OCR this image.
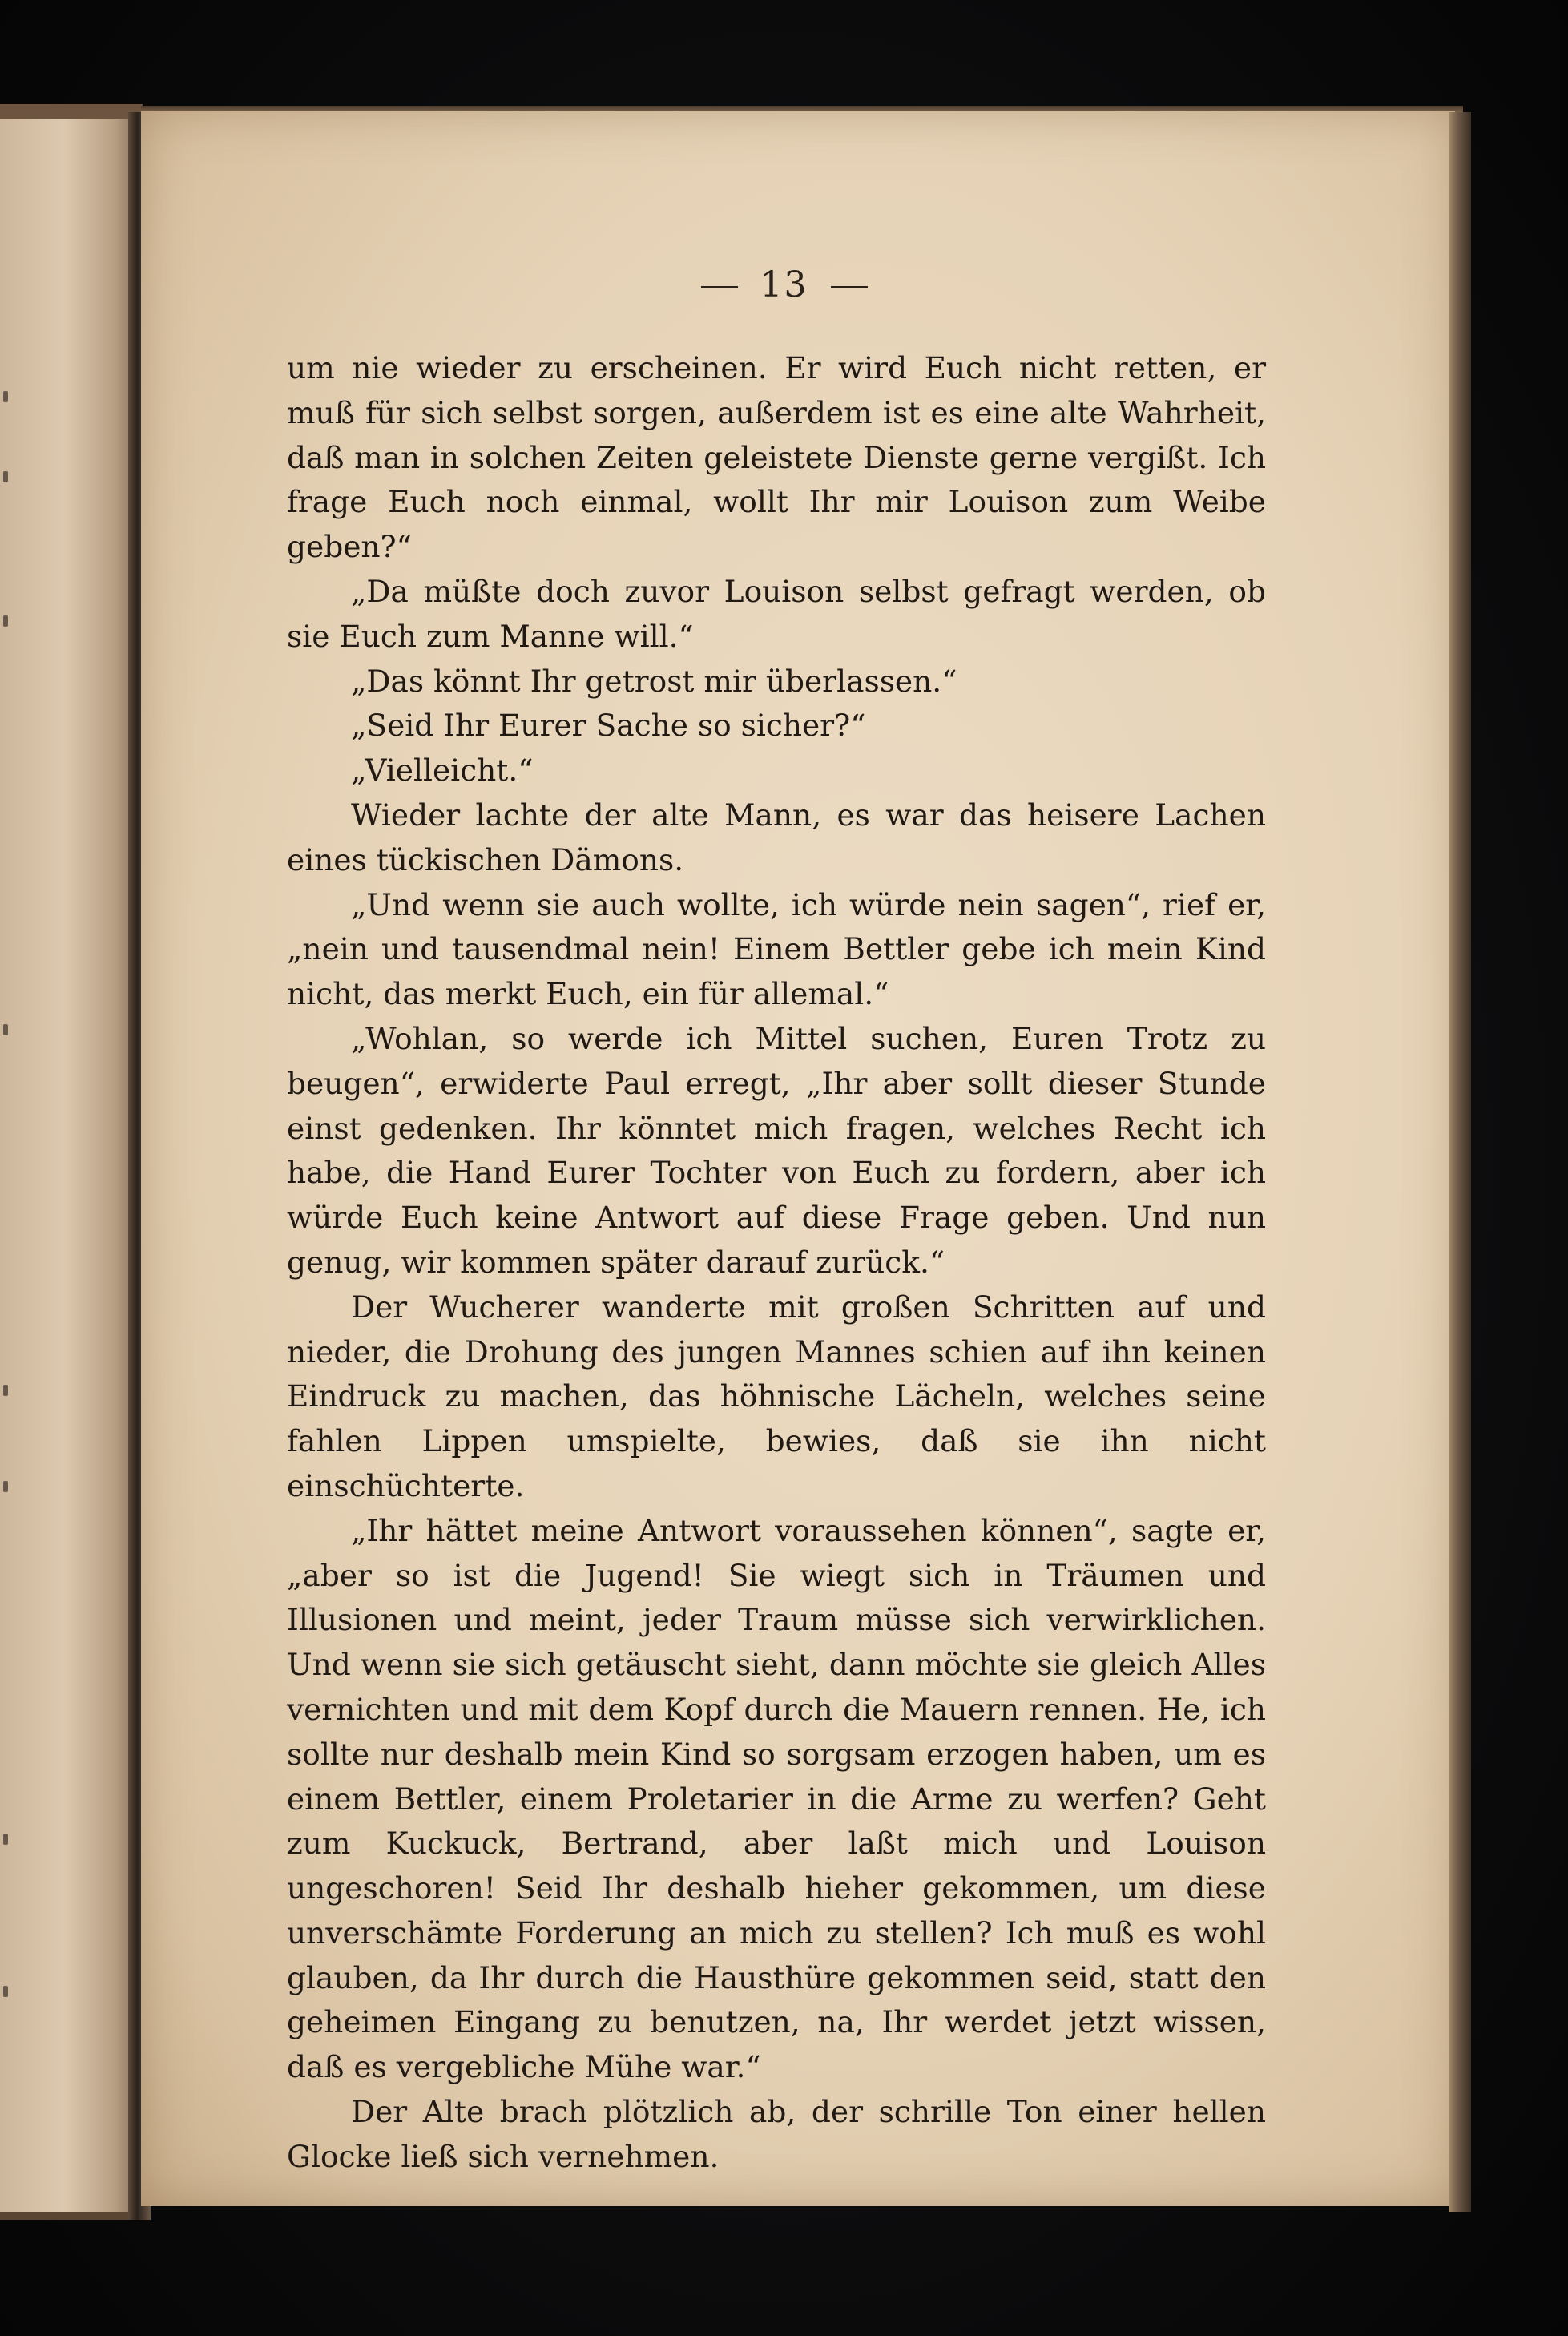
13

um nie wieder zu erscheinen. Er wird Euch nicht retten, er muß für sich selbst sorgen, außerdem ist es eine alte Wahrheit, daß man in solchen Zeiten geleistete Dienste gerne vergißt. Ich frage Euch noch einmal, wollt Ihr mir Louison zum Weibe geben?“

„Da müßte doch zuvor Louison selbst gefragt werden, ob sie Euch zum Manne will.“

„Das könnt Ihr getrost mir überlassen.“

„Seid Ihr Eurer Sache so sicher?“

„Vielleicht.“

Wieder lachte der alte Mann, es war das heisere Lachen eines tückischen Dämons.

„Und wenn sie auch wollte, ich würde nein sagen“, rief er, „nein und tausendmal nein! Einem Bettler gebe ich mein Kind nicht, das merkt Euch, ein für allemal.“

„Wohlan, so werde ich Mittel suchen, Euren Trotz zu beugen“, erwiderte Paul erregt, „Ihr aber sollt dieser Stunde einst gedenken. Ihr könntet mich fragen, welches Recht ich habe, die Hand Eurer Tochter von Euch zu fordern, aber ich würde Euch keine Antwort auf diese Frage geben. Und nun genug, wir kommen später darauf zurück.“

Der Wucherer wanderte mit großen Schritten auf und nieder, die Drohung des jungen Mannes schien auf ihn keinen Eindruck zu machen, das höhnische Lächeln, welches seine fahlen Lippen umspielte, bewies, daß sie ihn nicht einschüchterte.

„Ihr hättet meine Antwort voraussehen können“, sagte er, „aber so ist die Jugend! Sie wiegt sich in Träumen und Illusionen und meint, jeder Traum müsse sich verwirklichen. Und wenn sie sich getäuscht sieht, dann möchte sie gleich Alles vernichten und mit dem Kopf durch die Mauern rennen. He, ich sollte nur deshalb mein Kind so sorgsam erzogen haben, um es einem Bettler, einem Proletarier in die Arme zu werfen? Geht zum Kuckuck, Bertrand, aber laßt mich und Louison ungeschoren! Seid Ihr deshalb hieher gekommen, um diese unverschämte Forderung an mich zu stellen? Ich muß es wohl glauben, da Ihr durch die Hausthüre gekommen seid, statt den geheimen Eingang zu benutzen, na, Ihr werdet jetzt wissen, daß es vergebliche Mühe war.“

Der Alte brach plötzlich ab, der schrille Ton einer hellen Glocke ließ sich vernehmen.
